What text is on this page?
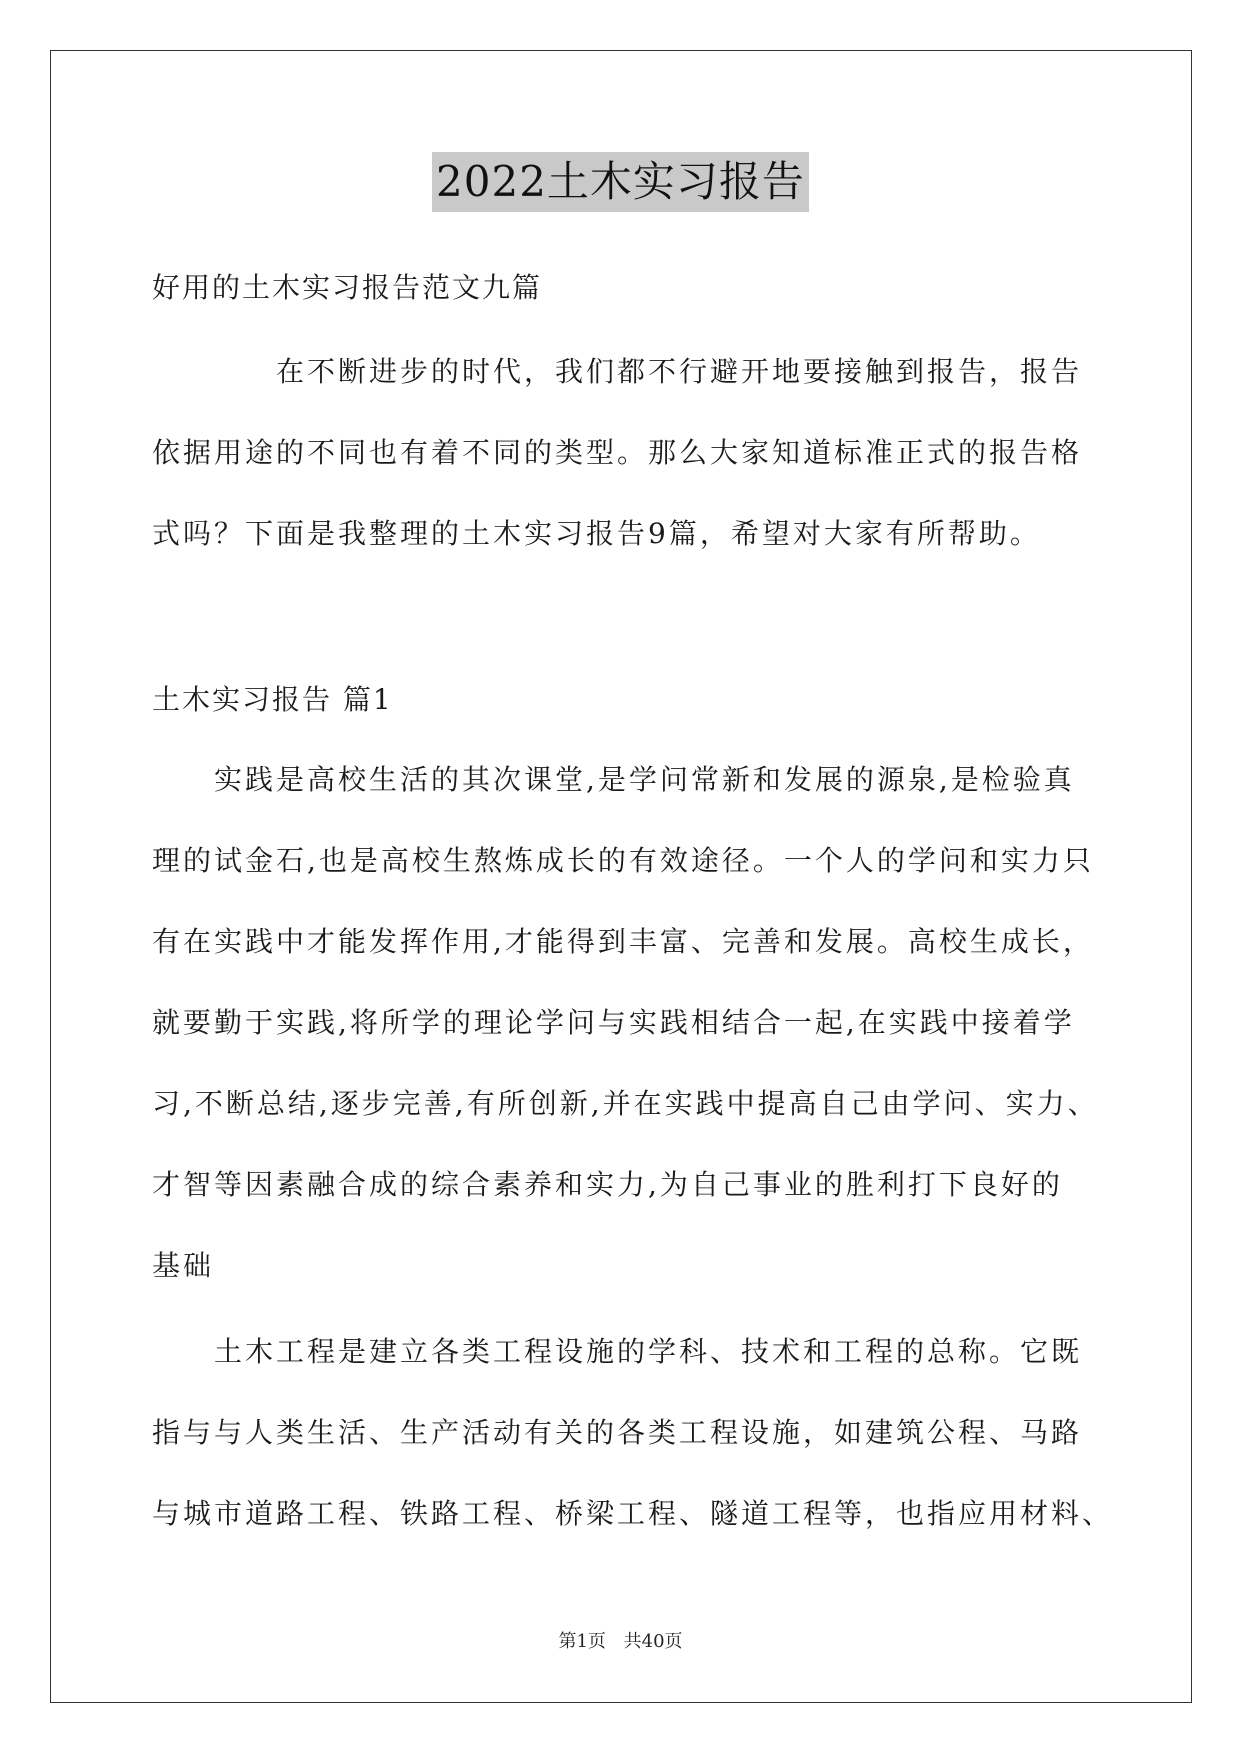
2022土木实习报告
好用的土木实习报告范文九篇

　　　　在不断进步的时代，我们都不行避开地要接触到报告，报告
依据用途的不同也有着不同的类型。那么大家知道标准正式的报告格
式吗？下面是我整理的土木实习报告9篇，希望对大家有所帮助。

土木实习报告 篇1

　　实践是高校生活的其次课堂,是学问常新和发展的源泉,是检验真
理的试金石,也是高校生熬炼成长的有效途径。一个人的学问和实力只
有在实践中才能发挥作用,才能得到丰富、完善和发展。高校生成长，
就要勤于实践,将所学的理论学问与实践相结合一起,在实践中接着学
习,不断总结,逐步完善,有所创新,并在实践中提高自己由学问、实力、
才智等因素融合成的综合素养和实力,为自己事业的胜利打下良好的
基础

　　土木工程是建立各类工程设施的学科、技术和工程的总称。它既
指与与人类生活、生产活动有关的各类工程设施，如建筑公程、马路
与城市道路工程、铁路工程、桥梁工程、隧道工程等，也指应用材料、

第1页 共40页
